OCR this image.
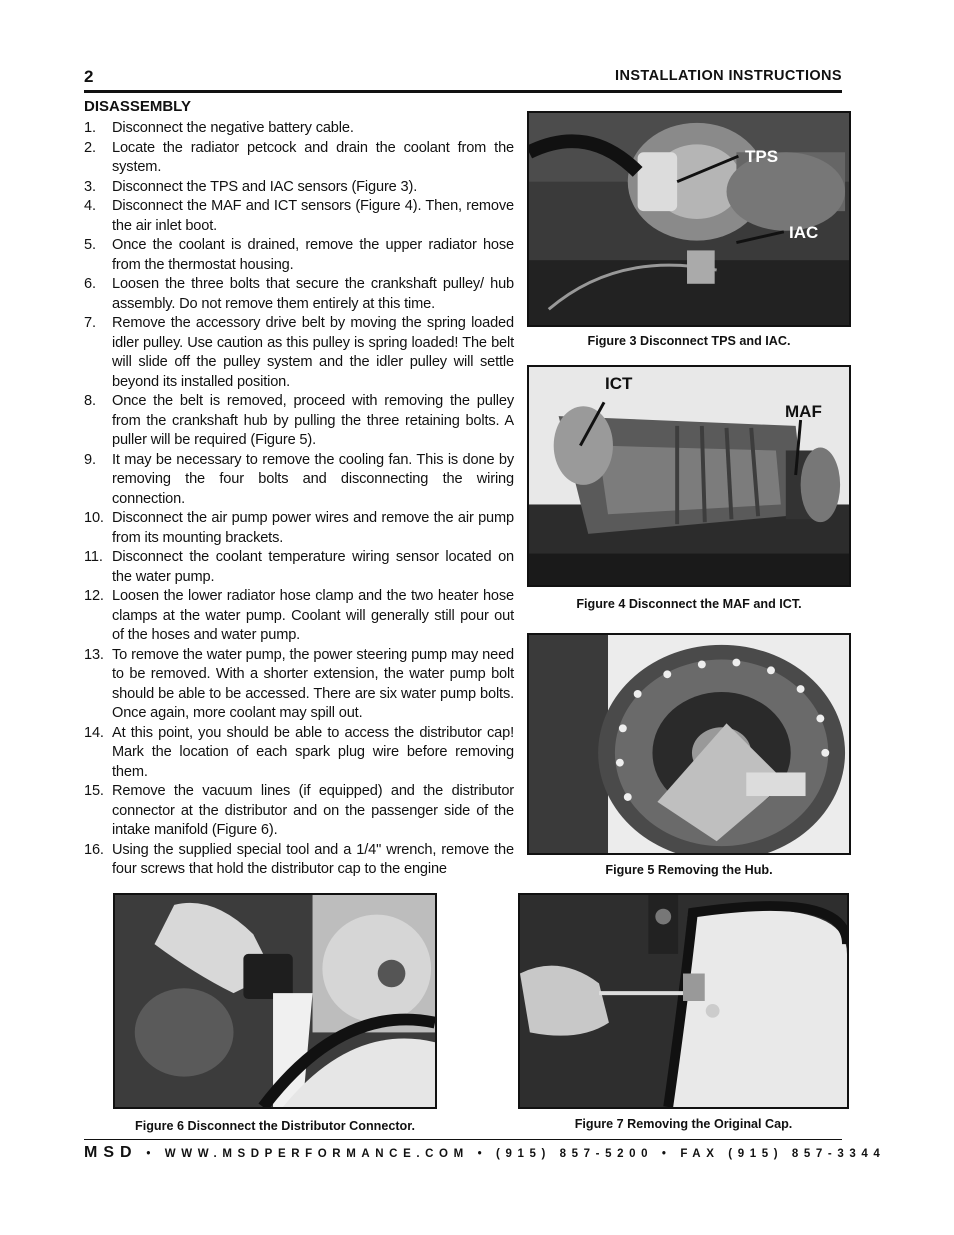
2	INSTALLATION INSTRUCTIONS
DISASSEMBLY
1. Disconnect the negative battery cable.
2. Locate the radiator petcock and drain the coolant from the system.
3. Disconnect the TPS and IAC sensors (Figure 3).
4. Disconnect the MAF and ICT sensors (Figure 4). Then, remove the air inlet boot.
5. Once the coolant is drained, remove the upper radiator hose from the thermostat housing.
6. Loosen the three bolts that secure the crankshaft pulley/ hub assembly. Do not remove them entirely at this time.
7. Remove the accessory drive belt by moving the spring loaded idler pulley. Use caution as this pulley is spring loaded! The belt will slide off the pulley system and the idler pulley will settle beyond its installed position.
8. Once the belt is removed, proceed with removing the pulley from the crankshaft hub by pulling the three retaining bolts. A puller will be required (Figure 5).
9. It may be necessary to remove the cooling fan. This is done by removing the four bolts and disconnecting the wiring connection.
10. Disconnect the air pump power wires and remove the air pump from its mounting brackets.
11. Disconnect the coolant temperature wiring sensor located on the water pump.
12. Loosen the lower radiator hose clamp and the two heater hose clamps at the water pump. Coolant will generally still pour out of the hoses and water pump.
13. To remove the water pump, the power steering pump may need to be removed. With a shorter extension, the water pump bolt should be able to be accessed. There are six water pump bolts. Once again, more coolant may spill out.
14. At this point, you should be able to access the distributor cap! Mark the location of each spark plug wire before removing them.
15. Remove the vacuum lines (if equipped) and the distributor connector at the distributor and on the passenger side of the intake manifold (Figure 6).
16. Using the supplied special tool and a 1/4" wrench, remove the four screws that hold the distributor cap to the engine
TPS
IAC
Figure 3 Disconnect TPS and IAC.
ICT
MAF
Figure 4 Disconnect the MAF and ICT.
Figure 5 Removing the Hub.
Figure 6 Disconnect the Distributor Connector.	Figure 7 Removing the Original Cap.
MSD • WWW.MSDPERFORMANCE.COM • (915) 857-5200 • FAX (915) 857-3344
